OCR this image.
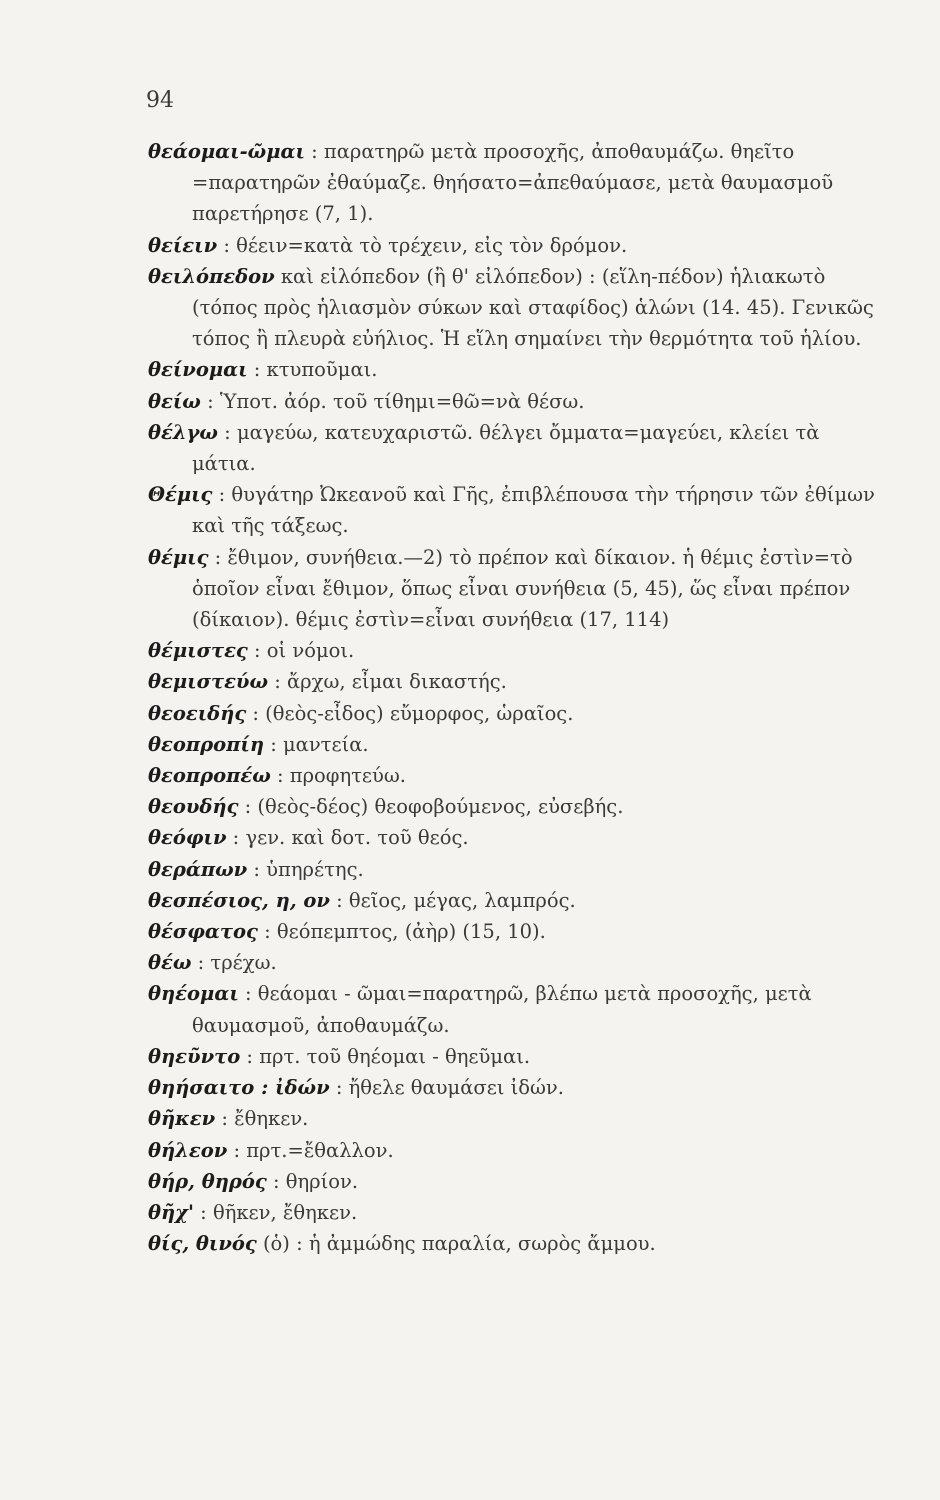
94

θεάομαι-ῶμαι : παρατηρῶ μετὰ προσοχῆς, ἀποθαυμάζω. θηεῖτο =παρατηρῶν ἐθαύμαζε. θηήσατο=ἀπεθαύμασε, μετὰ θαυμασμοῦ παρετήρησε (7, 1).

θείειν : θέειν=κατὰ τὸ τρέχειν, εἰς τὸν δρόμον.

θειλόπεδον καὶ εἰλόπεδον (ἢ θ' εἰλόπεδον) : (εἵλη-πέδον) ἡλιακωτὸ (τόπος πρὸς ἡλιασμὸν σύκων καὶ σταφίδος) ἁλώνι (14. 45). Γενικῶς τόπος ἢ πλευρὰ εὐήλιος. Ἡ εἵλη σημαίνει τὴν θερμότητα τοῦ ἡλίου.

θείνομαι : κτυποῦμαι.

θείω : Ὑποτ. ἀόρ. τοῦ τίθημι=θῶ=νὰ θέσω.

θέλγω : μαγεύω, κατευχαριστῶ. θέλγει ὄμματα=μαγεύει, κλείει τὰ μάτια.

Θέμις : θυγάτηρ Ὠκεανοῦ καὶ Γῆς, ἐπιβλέπουσα τὴν τήρησιν τῶν ἐθίμων καὶ τῆς τάξεως.

θέμις : ἔθιμον, συνήθεια.—2) τὸ πρέπον καὶ δίκαιον. ἡ θέμις ἐστὶν=τὸ ὁποῖον εἶναι ἔθιμον, ὅπως εἶναι συνήθεια (5, 45), ὥς εἶναι πρέπον (δίκαιον). θέμις ἐστὶν=εἶναι συνήθεια (17, 114)

θέμιστες : οἱ νόμοι.

θεμιστεύω : ἄρχω, εἶμαι δικαστής.

θεοειδής : (θεὸς-εἶδος) εὔμορφος, ὡραῖος.

θεοπροπίη : μαντεία.

θεοπροπέω : προφητεύω.

θεουδής : (θεὸς-δέος) θεοφοβούμενος, εὐσεβής.

θεόφιν : γεν. καὶ δοτ. τοῦ θεός.

θεράπων : ὑπηρέτης.

θεσπέσιος, η, ον : θεῖος, μέγας, λαμπρός.

θέσφατος : θεόπεμπτος, (ἀὴρ) (15, 10).

θέω : τρέχω.

θηέομαι : θεάομαι - ῶμαι=παρατηρῶ, βλέπω μετὰ προσοχῆς, μετὰ θαυμασμοῦ, ἀποθαυμάζω.

θηεῦντο : πρτ. τοῦ θηέομαι - θηεῦμαι.

θηήσαιτο : ἰδών : ἤθελε θαυμάσει ἰδών.

θῆκεν : ἔθηκεν.

θήλεον : πρτ.=ἔθαλλον.

θήρ, θηρός : θηρίον.

θῆχ' : θῆκεν, ἔθηκεν.

θίς, θινός (ὁ) : ἡ ἀμμώδης παραλία, σωρὸς ἄμμου.
